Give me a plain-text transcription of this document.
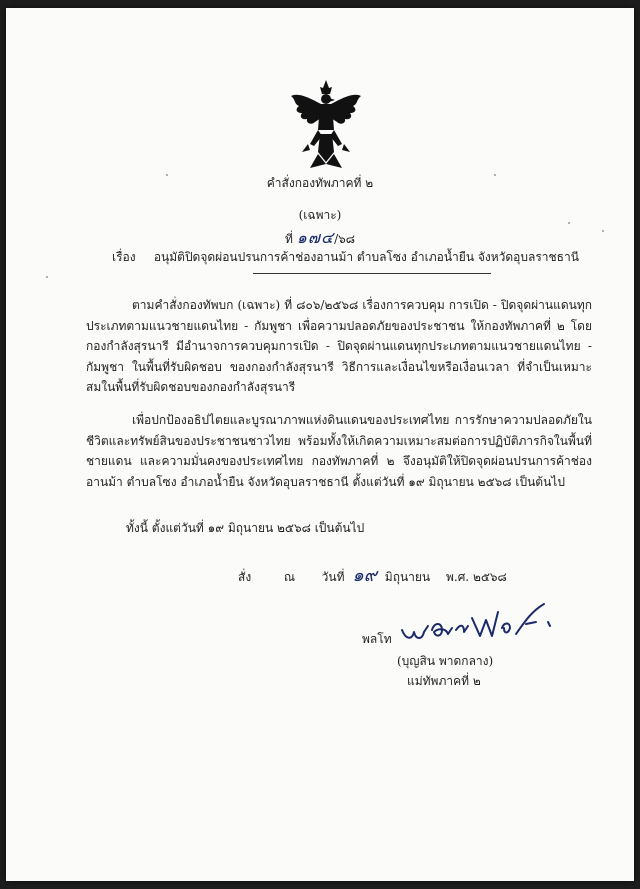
คำสั่งกองทัพภาคที่ ๒
(เฉพาะ)
ที่ ๑๗๔/๖๘
เรื่อง อนุมัติปิดจุดผ่อนปรนการค้าช่องอานม้า ตำบลโซง อำเภอน้ำยืน จังหวัดอุบลราชธานี
ตามคำสั่งกองทัพบก (เฉพาะ) ที่ ๘๐๖/๒๕๖๘ เรื่องการควบคุม การเปิด - ปิดจุดผ่านแดนทุกประเภทตามแนวชายแดนไทย - กัมพูชา เพื่อความปลอดภัยของประชาชน ให้กองทัพภาคที่ ๒ โดยกองกำลังสุรนารี มีอำนาจการควบคุมการเปิด - ปิดจุดผ่านแดนทุกประเภทตามแนวชายแดนไทย - กัมพูชา ในพื้นที่รับผิดชอบ ของกองกำลังสุรนารี วิธีการและเงื่อนไขหรือเงื่อนเวลา ที่จำเป็นเหมาะสมในพื้นที่รับผิดชอบของกองกำลังสุรนารี
เพื่อปกป้องอธิปไตยและบูรณาภาพแห่งดินแดนของประเทศไทย การรักษาความปลอดภัยในชีวิตและทรัพย์สินของประชาชนชาวไทย พร้อมทั้งให้เกิดความเหมาะสมต่อการปฏิบัติภารกิจในพื้นที่ชายแดน และความมั่นคงของประเทศไทย กองทัพภาคที่ ๒ จึงอนุมัติให้ปิดจุดผ่อนปรนการค้าช่องอานม้า ตำบลโซง อำเภอน้ำยืน จังหวัดอุบลราชธานี ตั้งแต่วันที่ ๑๙ มิถุนายน ๒๕๖๘ เป็นต้นไป
ทั้งนี้ ตั้งแต่วันที่ ๑๙ มิถุนายน ๒๕๖๘ เป็นต้นไป
สั่ง	ณ วันที่ ๑๙ มิถุนายน พ.ศ. ๒๕๖๘
พลโท
(บุญสิน พาดกลาง)
แม่ทัพภาคที่ ๒
